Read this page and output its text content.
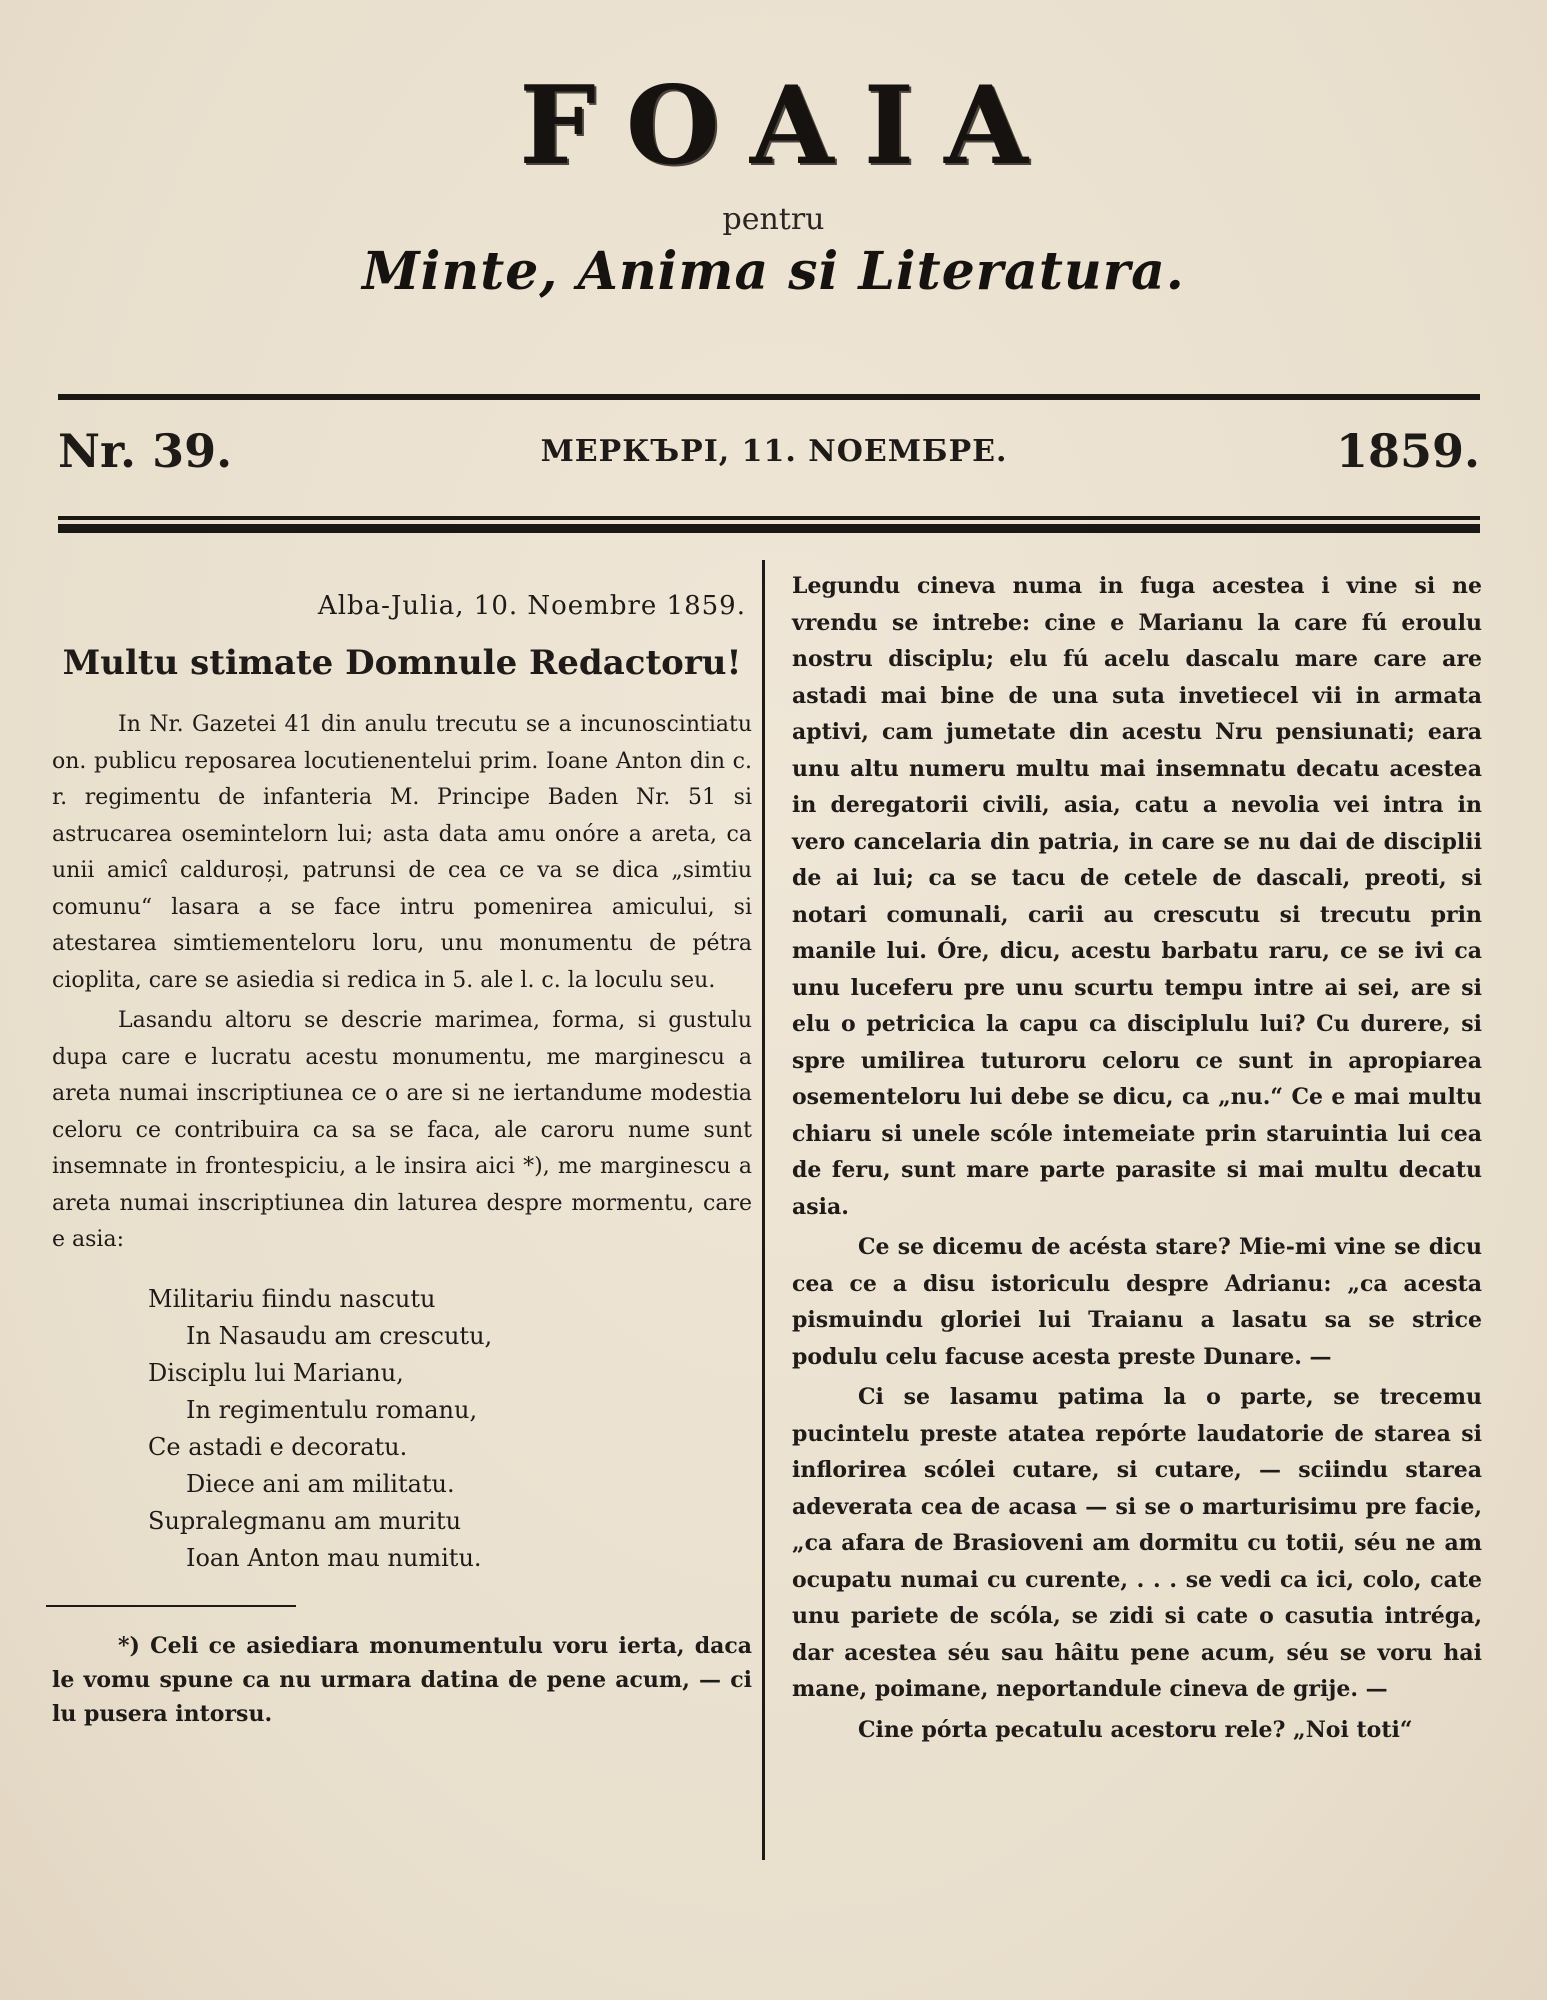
FOAIA
pentru
Minte, Anima si Literatura.
Nr. 39.	МЕРКЪРІ, 11. NОЕМБРЕ.	1859.
Alba-Julia, 10. Noembre 1859.
Multu stimate Domnule Redactoru!

In Nr. Gazetei 41 din anulu trecutu se a incunoscintiatu on. publicu reposarea locutienentelui prim. Ioane Anton din c. r. regimentu de infanteria M. Principe Baden Nr. 51 si astrucarea osemintelorn lui; asta data amu onóre a areta, ca unii amicî calduroși, patrunsi de cea ce va se dica „simtiu comunu“ lasara a se face intru pomenirea amicului, si atestarea simtiementeloru loru, unu monumentu de pétra cioplita, care se asiedia si redica in 5. ale l. c. la loculu seu.

Lasandu altoru se descrie marimea, forma, si gustulu dupa care e lucratu acestu monumentu, me marginescu a areta numai inscriptiunea ce o are si ne iertandume modestia celoru ce contribuira ca sa se faca, ale caroru nume sunt insemnate in frontespiciu, a le insira aici *), me marginescu a areta numai inscriptiunea din laturea despre mormentu, care e asia:

Militariu fiindu nascutu
In Nasaudu am crescutu,
Disciplu lui Marianu,
In regimentulu romanu,
Ce astadi e decoratu.
Diece ani am militatu.
Supralegmanu am muritu
Ioan Anton mau numitu.

*) Celi ce asiediara monumentulu voru ierta, daca le vomu spune ca nu urmara datina de pene acum, — ci lu pusera intorsu.

Legundu cineva numa in fuga acestea i vine si ne vrendu se intrebe: cine e Marianu la care fú eroulu nostru disciplu; elu fú acelu dascalu mare care are astadi mai bine de una suta invetiecel vii in armata aptivi, cam jumetate din acestu Nru pensiunati; eara unu altu numeru multu mai insemnatu decatu acestea in deregatorii civili, asia, catu a nevolia vei intra in vero cancelaria din patria, in care se nu dai de disciplii de ai lui; ca se tacu de cetele de dascali, preoti, si notari comunali, carii au crescutu si trecutu prin manile lui. Óre, dicu, acestu barbatu raru, ce se ivi ca unu luceferu pre unu scurtu tempu intre ai sei, are si elu o petricica la capu ca disciplulu lui? Cu durere, si spre umilirea tuturoru celoru ce sunt in apropiarea osementeloru lui debe se dicu, ca „nu.“ Ce e mai multu chiaru si unele scóle intemeiate prin staruintia lui cea de feru, sunt mare parte parasite si mai multu decatu asia.

Ce se dicemu de acésta stare? Mie-mi vine se dicu cea ce a disu istoriculu despre Adrianu: „ca acesta pismuindu gloriei lui Traianu a lasatu sa se strice podulu celu facuse acesta preste Dunare. —

Ci se lasamu patima la o parte, se trecemu pucintelu preste atatea repórte laudatorie de starea si inflorirea scólei cutare, si cutare, — sciindu starea adeverata cea de acasa — si se o marturisimu pre facie, „ca afara de Brasioveni am dormitu cu totii, séu ne am ocupatu numai cu curente, . . . se vedi ca ici, colo, cate unu pariete de scóla, se zidi si cate o casutia intréga, dar acestea séu sau hâitu pene acum, séu se voru hai mane, poimane, neportandule cineva de grije. —

Cine pórta pecatulu acestoru rele? „Noi toti“
